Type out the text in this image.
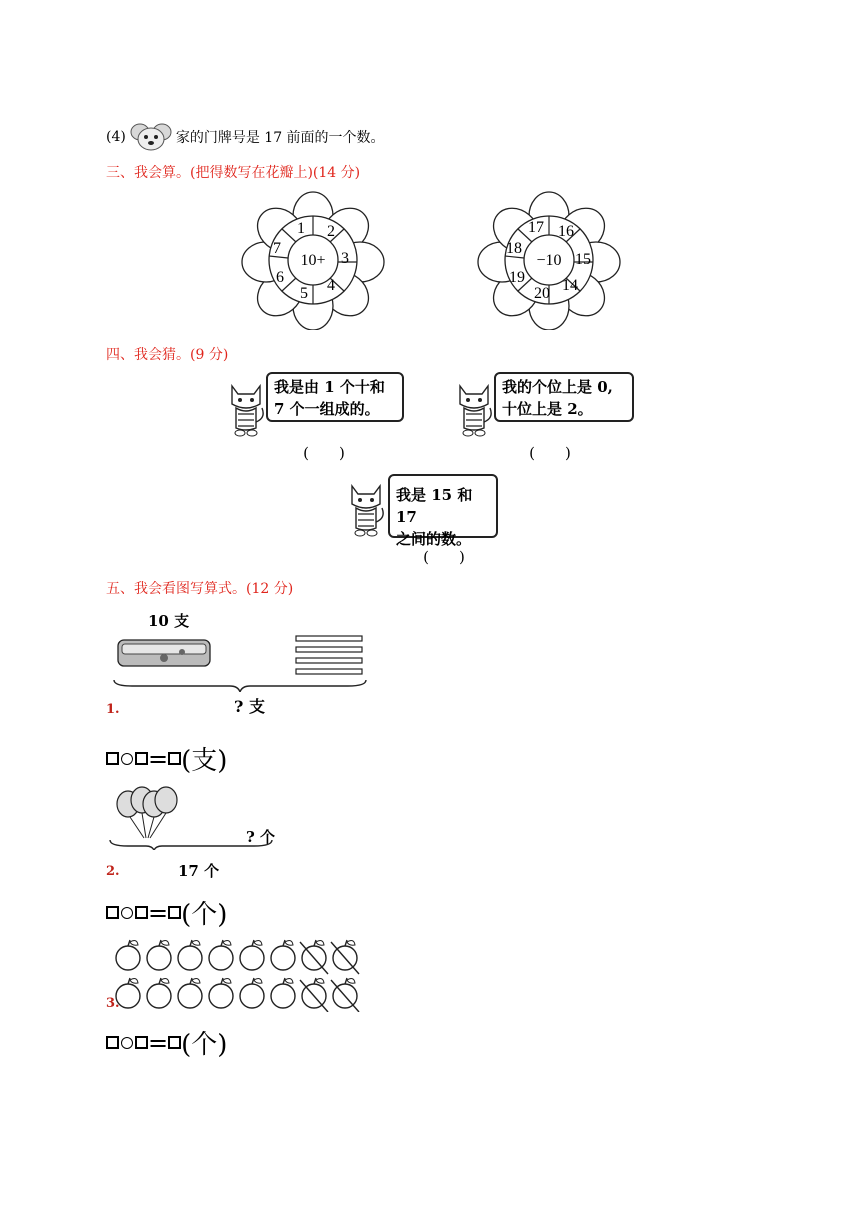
(4)	家的门牌号是 17 前面的一个数。
三、我会算。(把得数写在花瓣上)(14 分)
10+
1 2
3
4
5
6
7
−10
17 16
15
14
20
19
18
四、我会猜。(9 分)
我是由 1 个十和
7 个一组成的。
(　　)
我的个位上是 0,
十位上是 2。
(　　)
我是 15 和 17
之间的数。
(　　)
五、我会看图写算式。(12 分)
10 支
1.	? 支
= (支)
? 个
2.	17 个
= (个)
3.
= (个)
